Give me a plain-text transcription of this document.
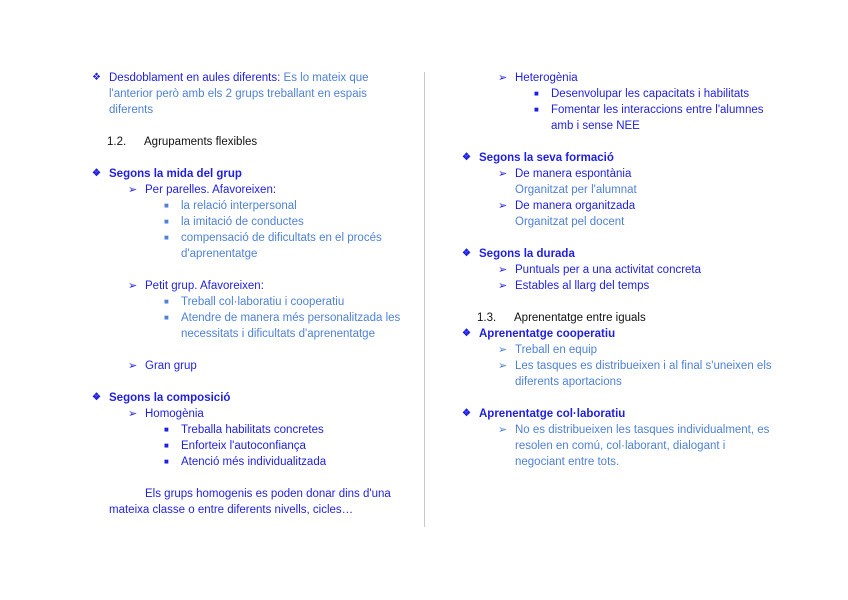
❖ Desdoblament en aules diferents: Es lo mateix que l'anterior però amb els 2 grups treballant en espais diferents
1.2. Agrupaments flexibles

❖ Segons la mida del grup
➢ Per parelles. Afavoreixen:
■ la relació interpersonal
■ la imitació de conductes
■ compensació de dificultats en el procés d'aprenentatge
➢ Petit grup. Afavoreixen:
■ Treball col·laboratiu i cooperatiu
■ Atendre de manera més personalitzada les necessitats i dificultats d'aprenentatge
➢ Gran grup
❖ Segons la composició
➢ Homogènia
■ Treballa habilitats concretes
■ Enforteix l'autoconfiança
■ Atenció més individualitzada
Els grups homogenis es poden donar dins d'una mateixa classe o entre diferents nivells, cicles…
➢ Heterogènia
■ Desenvolupar les capacitats i habilitats
■ Fomentar les interaccions entre l'alumnes amb i sense NEE
❖ Segons la seva formació
➢ De manera espontània
Organitzat per l'alumnat
➢ De manera organitzada
Organitzat pel docent
❖ Segons la durada
➢ Puntuals per a una activitat concreta
➢ Estables al llarg del temps
1.3. Aprenentatge entre iguals

❖ Aprenentatge cooperatiu
➢ Treball en equip
➢ Les tasques es distribueixen i al final s'uneixen els diferents aportacions
❖ Aprenentatge col·laboratiu
➢ No es distribueixen les tasques individualment, es resolen en comú, col·laborant, dialogant i negociant entre tots.
